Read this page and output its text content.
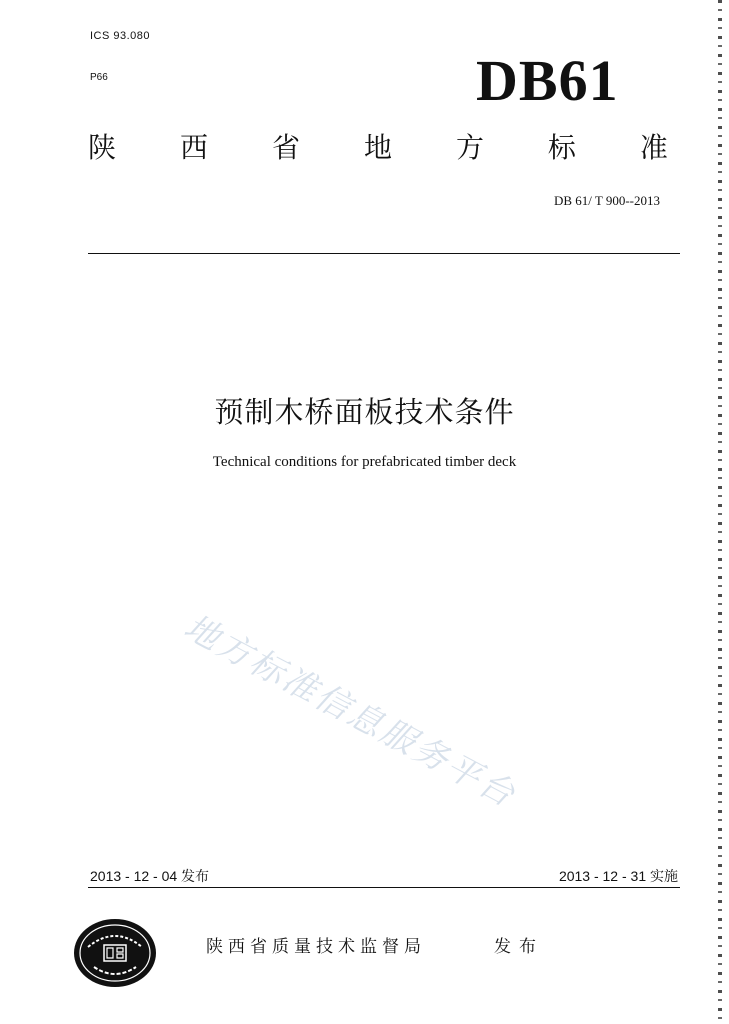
ICS 93.080
P66	DB61
陕 西 省 地 方 标 准
DB 61/ T 900--2013
预制木桥面板技术条件
Technical conditions for prefabricated timber deck
地方标准信息服务平台
2013 - 12 - 04 发布	2013 - 12 - 31 实施
陕西省质量技术监督局	发布
